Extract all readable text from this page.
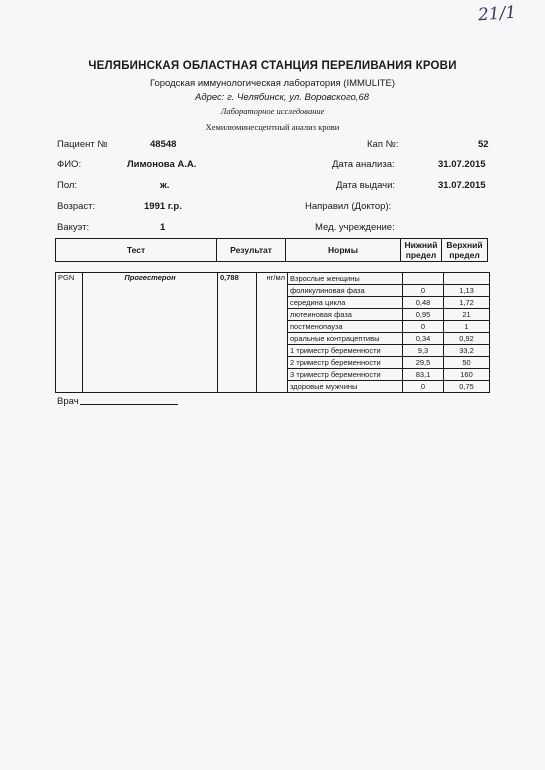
21/1
ЧЕЛЯБИНСКАЯ ОБЛАСТНАЯ СТАНЦИЯ ПЕРЕЛИВАНИЯ КРОВИ
Городская иммунологическая лаборатория (IMMULITE)
Адрес: г. Челябинск, ул. Воровского,68
Лабораторное исследование
Хемилюминесцентный анализ крови
Пациент №	48548	Кап №:	52
ФИО:	Лимонова А.А.	Дата анализа:	31.07.2015
Пол:	ж.	Дата выдачи:	31.07.2015
Возраст:	1991 г.р.	Направил (Доктор):
Вакуэт:	1	Мед. учреждение:
Тест	Результат	Нормы	Нижний предел	Верхний предел
PGN	Прогестерон	0,788	нг/мл	Взрослые женщины		
				фоликулиновая фаза	0	1,13
				середина цикла	0,48	1,72
				лютеиновая фаза	0,95	21
				постменопауза	0	1
				оральные контрацептивы	0,34	0,92
				1 триместр беременности	9,3	33,2
				2 триместр беременности	29,5	50
				3 триместр беременности	83,1	160
				здоровые мужчины	0	0,75
Врач
